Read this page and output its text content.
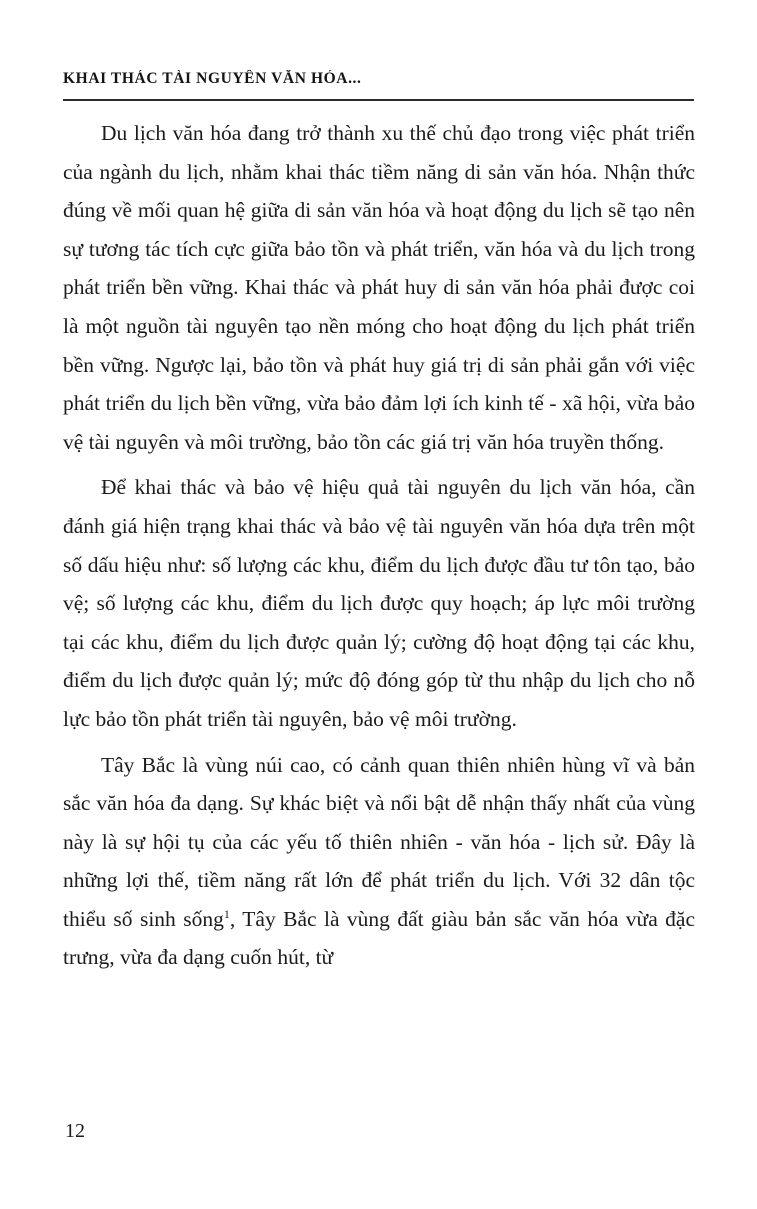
KHAI THÁC TÀI NGUYÊN VĂN HÓA...

Du lịch văn hóa đang trở thành xu thế chủ đạo trong việc phát triển của ngành du lịch, nhằm khai thác tiềm năng di sản văn hóa. Nhận thức đúng về mối quan hệ giữa di sản văn hóa và hoạt động du lịch sẽ tạo nên sự tương tác tích cực giữa bảo tồn và phát triển, văn hóa và du lịch trong phát triển bền vững. Khai thác và phát huy di sản văn hóa phải được coi là một nguồn tài nguyên tạo nền móng cho hoạt động du lịch phát triển bền vững. Ngược lại, bảo tồn và phát huy giá trị di sản phải gắn với việc phát triển du lịch bền vững, vừa bảo đảm lợi ích kinh tế - xã hội, vừa bảo vệ tài nguyên và môi trường, bảo tồn các giá trị văn hóa truyền thống.

Để khai thác và bảo vệ hiệu quả tài nguyên du lịch văn hóa, cần đánh giá hiện trạng khai thác và bảo vệ tài nguyên văn hóa dựa trên một số dấu hiệu như: số lượng các khu, điểm du lịch được đầu tư tôn tạo, bảo vệ; số lượng các khu, điểm du lịch được quy hoạch; áp lực môi trường tại các khu, điểm du lịch được quản lý; cường độ hoạt động tại các khu, điểm du lịch được quản lý; mức độ đóng góp từ thu nhập du lịch cho nỗ lực bảo tồn phát triển tài nguyên, bảo vệ môi trường.

Tây Bắc là vùng núi cao, có cảnh quan thiên nhiên hùng vĩ và bản sắc văn hóa đa dạng. Sự khác biệt và nổi bật dễ nhận thấy nhất của vùng này là sự hội tụ của các yếu tố thiên nhiên - văn hóa - lịch sử. Đây là những lợi thế, tiềm năng rất lớn để phát triển du lịch. Với 32 dân tộc thiểu số sinh sống$^1$, Tây Bắc là vùng đất giàu bản sắc văn hóa vừa đặc trưng, vừa đa dạng cuốn hút, từ

12
